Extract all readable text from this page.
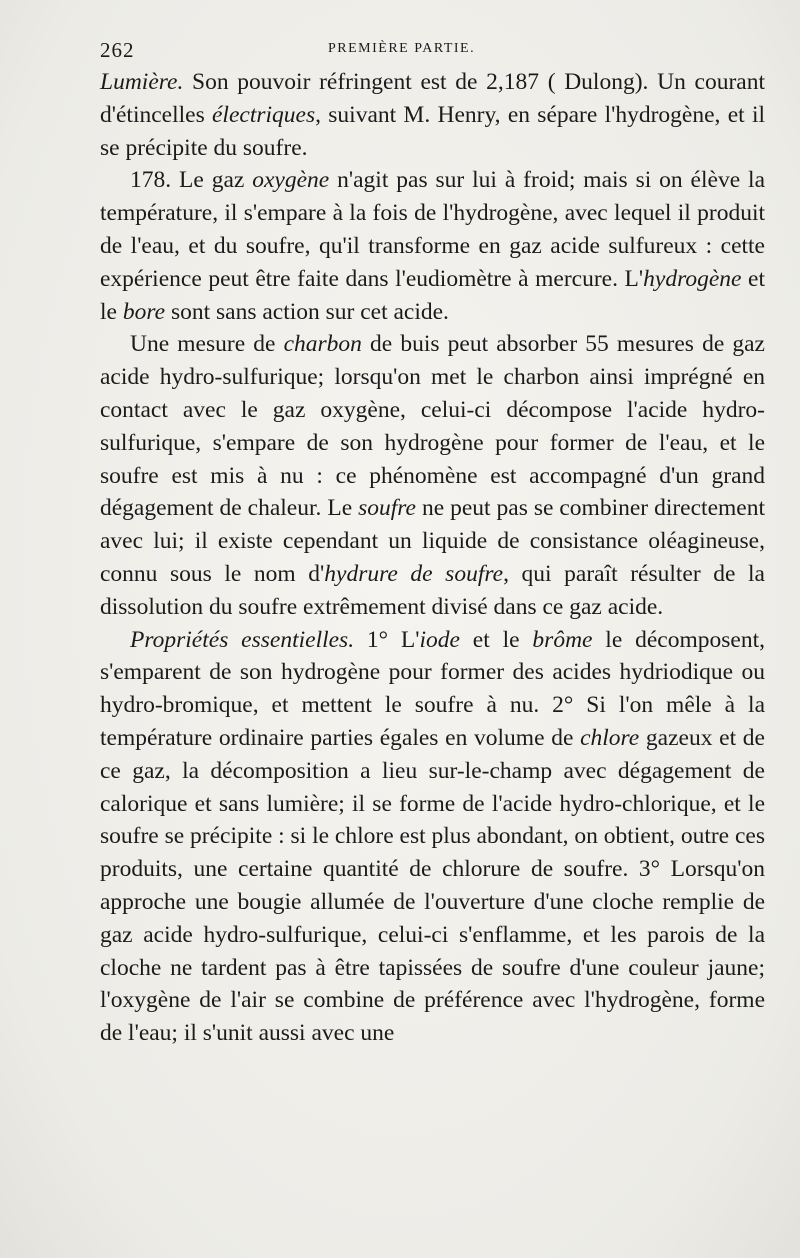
262	PREMIÈRE PARTIE.

Lumière. Son pouvoir réfringent est de 2,187 ( Dulong). Un courant d'étincelles électriques, suivant M. Henry, en sépare l'hydrogène, et il se précipite du soufre.

178. Le gaz oxygène n'agit pas sur lui à froid; mais si on élève la température, il s'empare à la fois de l'hydrogène, avec lequel il produit de l'eau, et du soufre, qu'il transforme en gaz acide sulfureux : cette expérience peut être faite dans l'eudiomètre à mercure. L'hydrogène et le bore sont sans action sur cet acide.

Une mesure de charbon de buis peut absorber 55 mesures de gaz acide hydro-sulfurique; lorsqu'on met le charbon ainsi imprégné en contact avec le gaz oxygène, celui-ci décompose l'acide hydro-sulfurique, s'empare de son hydrogène pour former de l'eau, et le soufre est mis à nu : ce phénomène est accompagné d'un grand dégagement de chaleur. Le soufre ne peut pas se combiner directement avec lui; il existe cependant un liquide de consistance oléagineuse, connu sous le nom d'hydrure de soufre, qui paraît résulter de la dissolution du soufre extrêmement divisé dans ce gaz acide.

Propriétés essentielles. 1° L'iode et le brôme le décomposent, s'emparent de son hydrogène pour former des acides hydriodique ou hydro-bromique, et mettent le soufre à nu. 2° Si l'on mêle à la température ordinaire parties égales en volume de chlore gazeux et de ce gaz, la décomposition a lieu sur-le-champ avec dégagement de calorique et sans lumière; il se forme de l'acide hydro-chlorique, et le soufre se précipite : si le chlore est plus abondant, on obtient, outre ces produits, une certaine quantité de chlorure de soufre. 3° Lorsqu'on approche une bougie allumée de l'ouverture d'une cloche remplie de gaz acide hydro-sulfurique, celui-ci s'enflamme, et les parois de la cloche ne tardent pas à être tapissées de soufre d'une couleur jaune; l'oxygène de l'air se combine de préférence avec l'hydrogène, forme de l'eau; il s'unit aussi avec une
